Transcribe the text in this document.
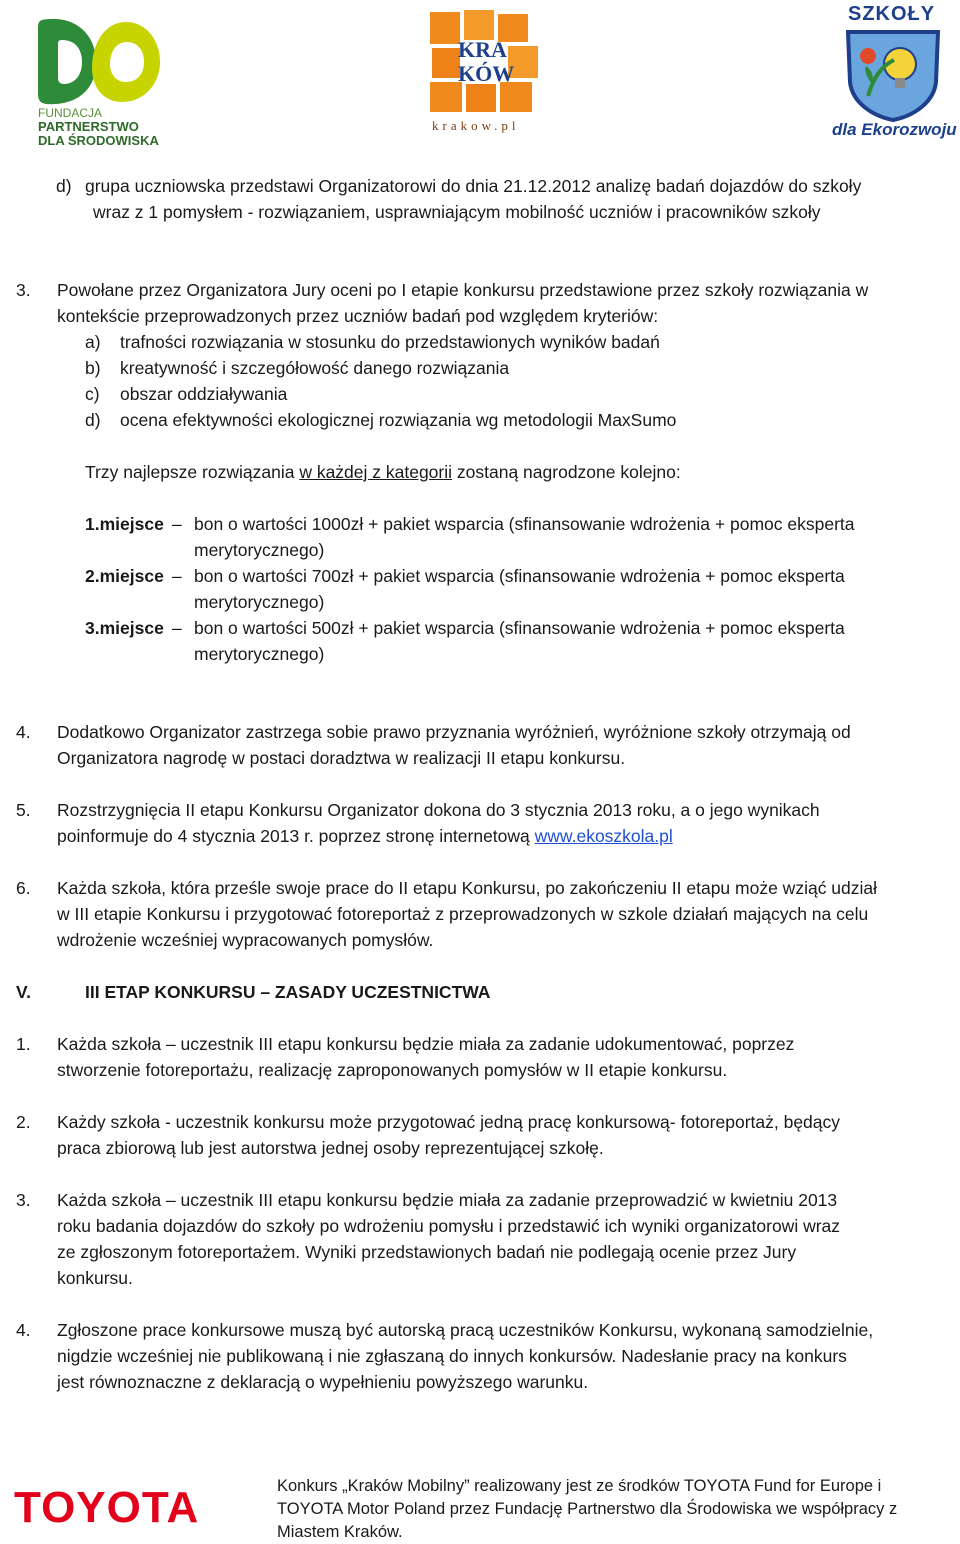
FUNDACJA
PARTNERSTWO
DLA ŚRODOWISKA
KRA
KÓW
krakow.pl
SZKOŁY
dla Ekorozwoju
d) grupa uczniowska przedstawi Organizatorowi do dnia 21.12.2012 analizę badań dojazdów do szkoły
wraz z 1 pomysłem - rozwiązaniem, usprawniającym mobilność uczniów i pracowników szkoły
3. Powołane przez Organizatora Jury oceni po I etapie konkursu przedstawione przez szkoły rozwiązania w
kontekście przeprowadzonych przez uczniów badań pod względem kryteriów:
a) trafności rozwiązania w stosunku do przedstawionych wyników badań
b) kreatywność i szczegółowość danego rozwiązania
c) obszar oddziaływania
d) ocena efektywności ekologicznej rozwiązania wg metodologii MaxSumo
Trzy najlepsze rozwiązania w każdej z kategorii zostaną nagrodzone kolejno:
1.miejsce – bon o wartości 1000zł + pakiet wsparcia (sfinansowanie wdrożenia + pomoc eksperta
merytorycznego)
2.miejsce – bon o wartości 700zł + pakiet wsparcia (sfinansowanie wdrożenia + pomoc eksperta
merytorycznego)
3.miejsce – bon o wartości 500zł + pakiet wsparcia (sfinansowanie wdrożenia + pomoc eksperta
merytorycznego)
4. Dodatkowo Organizator zastrzega sobie prawo przyznania wyróżnień, wyróżnione szkoły otrzymają od
Organizatora nagrodę w postaci doradztwa w realizacji II etapu konkursu.
5. Rozstrzygnięcia II etapu Konkursu Organizator dokona do 3 stycznia 2013 roku, a o jego wynikach
poinformuje do 4 stycznia 2013 r. poprzez stronę internetową www.ekoszkola.pl
6. Każda szkoła, która prześle swoje prace do II etapu Konkursu, po zakończeniu II etapu może wziąć udział
w III etapie Konkursu i przygotować fotoreportaż z przeprowadzonych w szkole działań mających na celu
wdrożenie wcześniej wypracowanych pomysłów.
V.	III ETAP KONKURSU – ZASADY UCZESTNICTWA
1. Każda szkoła – uczestnik III etapu konkursu będzie miała za zadanie udokumentować, poprzez
stworzenie fotoreportażu, realizację zaproponowanych pomysłów w II etapie konkursu.
2. Każdy szkoła - uczestnik konkursu może przygotować jedną pracę konkursową- fotoreportaż, będący
praca zbiorową lub jest autorstwa jednej osoby reprezentującej szkołę.
3. Każda szkoła – uczestnik III etapu konkursu będzie miała za zadanie przeprowadzić w kwietniu 2013
roku badania dojazdów do szkoły po wdrożeniu pomysłu i przedstawić ich wyniki organizatorowi wraz
ze zgłoszonym fotoreportażem. Wyniki przedstawionych badań nie podlegają ocenie przez Jury
konkursu.
4. Zgłoszone prace konkursowe muszą być autorską pracą uczestników Konkursu, wykonaną samodzielnie,
nigdzie wcześniej nie publikowaną i nie zgłaszaną do innych konkursów. Nadesłanie pracy na konkurs
jest równoznaczne z deklaracją o wypełnieniu powyższego warunku.
TOYOTA	Konkurs „Kraków Mobilny” realizowany jest ze środków TOYOTA Fund for Europe i
TOYOTA Motor Poland przez Fundację Partnerstwo dla Środowiska we współpracy z
Miastem Kraków.
